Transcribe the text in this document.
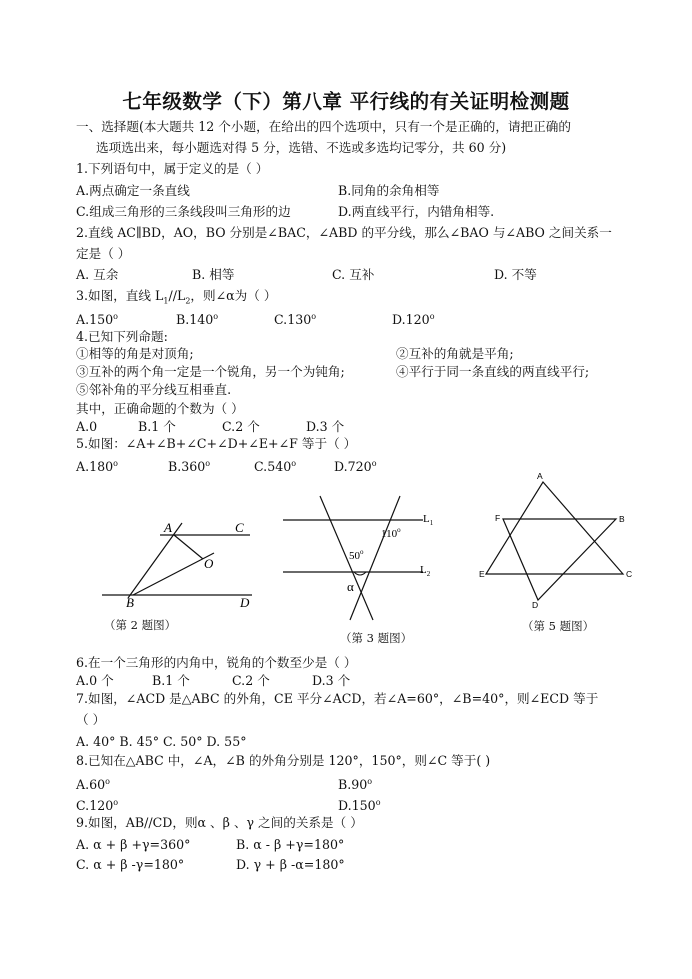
七年级数学（下）第八章 平行线的有关证明检测题
一、选择题(本大题共 12 个小题，在给出的四个选项中，只有一个是正确的，请把正确的
选项选出来，每小题选对得 5 分，选错、不选或多选均记零分，共 60 分)
1.下列语句中，属于定义的是（ ）
A.两点确定一条直线	B.同角的余角相等
C.组成三角形的三条线段叫三角形的边	D.两直线平行，内错角相等.
2.直线 AC∥BD，AO，BO 分别是∠BAC，∠ABD 的平分线，那么∠BAO 与∠ABO 之间关系一
定是（ ）
A. 互余	B. 相等	C. 互补	D. 不等
3.如图，直线 $L_1//L_2$，则∠α为（ ）
A.150$^o$	B.140$^o$	C.130$^o$	D.120$^o$
4.已知下列命题:
①相等的角是对顶角;	②互补的角就是平角;
③互补的两个角一定是一个锐角，另一个为钝角;	④平行于同一条直线的两直线平行;
⑤邻补角的平分线互相垂直.
其中，正确命题的个数为（ ）
A.0	B.1 个	C.2 个	D.3 个
5.如图：∠A+∠B+∠C+∠D+∠E+∠F 等于（ ）
A.180$^o$	B.360$^o$	C.540$^o$	D.720$^o$
A	C
O
B	D
（第 2 题图）
$L_1$
$L_2$
110$^o$
50$^o$
α
（第 3 题图）
A
F	B
E	C
D
（第 5 题图）
6.在一个三角形的内角中，锐角的个数至少是（ ）
A.0 个	B.1 个	C.2 个	D.3 个
7.如图，∠ACD 是△ABC 的外角，CE 平分∠ACD，若∠A=60°，∠B=40°，则∠ECD 等于
（ ）
A. 40° B. 45° C. 50° D. 55°
8.已知在△ABC 中，∠A，∠B 的外角分别是 120°，150°，则∠C 等于( )
A.60$^o$	B.90$^o$
C.120$^o$	D.150$^o$
9.如图，AB//CD，则α 、β 、γ 之间的关系是（ ）
A. α + β +γ=360°	B. α - β +γ=180°
C. α + β -γ=180°	D. γ + β -α=180°
